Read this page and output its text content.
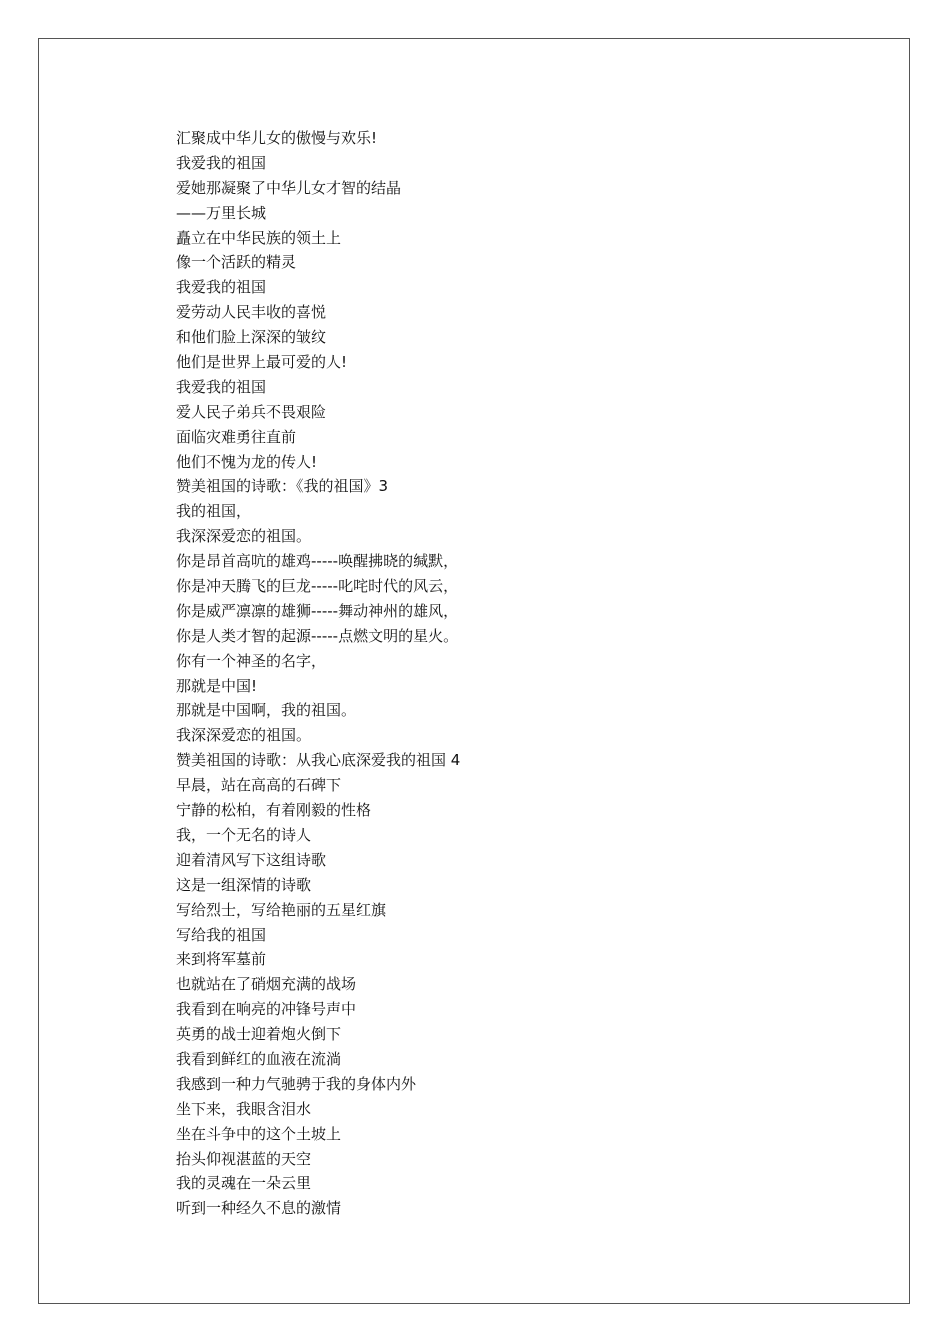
汇聚成中华儿女的傲慢与欢乐!
我爱我的祖国
爱她那凝聚了中华儿女才智的结晶
——万里长城
矗立在中华民族的领土上
像一个活跃的精灵
我爱我的祖国
爱劳动人民丰收的喜悦
和他们脸上深深的皱纹
他们是世界上最可爱的人!
我爱我的祖国
爱人民子弟兵不畏艰险
面临灾难勇往直前
他们不愧为龙的传人!
赞美祖国的诗歌：《我的祖国》3
我的祖国，
我深深爱恋的祖国。
你是昂首高吭的雄鸡-----唤醒拂晓的缄默，
你是冲天腾飞的巨龙-----叱咤时代的风云，
你是威严凛凛的雄狮-----舞动神州的雄风，
你是人类才智的起源-----点燃文明的星火。
你有一个神圣的名字，
那就是中国!
那就是中国啊，我的祖国。
我深深爱恋的祖国。
赞美祖国的诗歌：从我心底深爱我的祖国 4
早晨，站在高高的石碑下
宁静的松柏，有着刚毅的性格
我，一个无名的诗人
迎着清风写下这组诗歌
这是一组深情的诗歌
写给烈士，写给艳丽的五星红旗
写给我的祖国
来到将军墓前
也就站在了硝烟充满的战场
我看到在响亮的冲锋号声中
英勇的战士迎着炮火倒下
我看到鲜红的血液在流淌
我感到一种力气驰骋于我的身体内外
坐下来，我眼含泪水
坐在斗争中的这个土坡上
抬头仰视湛蓝的天空
我的灵魂在一朵云里
听到一种经久不息的激情
